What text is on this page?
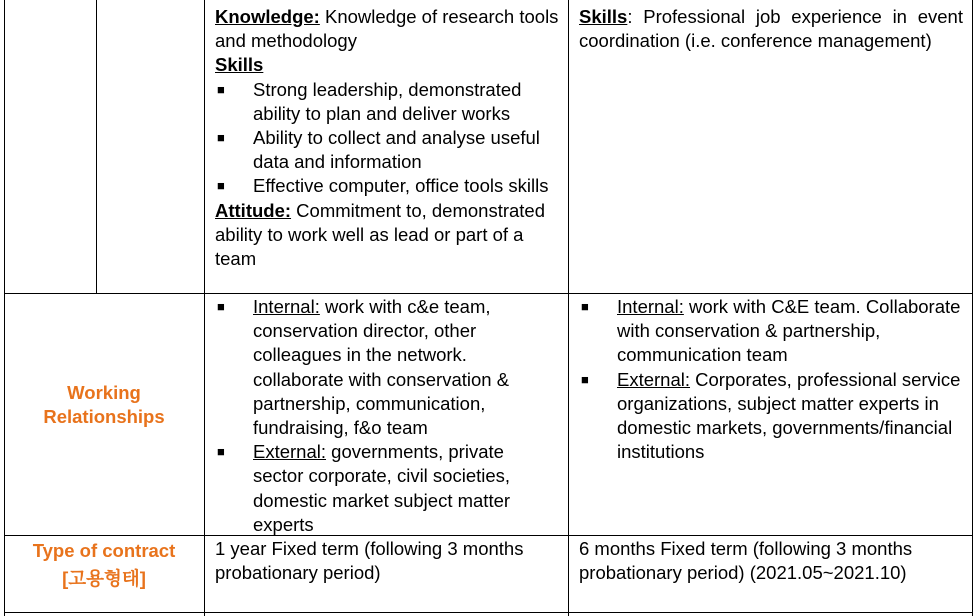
Knowledge: Knowledge of research tools and methodology

Skills

■ Strong leadership, demonstrated ability to plan and deliver works
■ Ability to collect and analyse useful data and information
■ Effective computer, office tools skills

Attitude: Commitment to, demonstrated ability to work well as lead or part of a team

Skills: Professional job experience in event coordination (i.e. conference management)

Working
Relationships
■ Internal: work with c&e team, conservation director, other colleagues in the network. collaborate with conservation & partnership, communication, fundraising, f&o team
■ External: governments, private sector corporate, civil societies, domestic market subject matter experts
■ Internal: work with C&E team. Collaborate with conservation & partnership, communication team
■ External: Corporates, professional service organizations, subject matter experts in domestic markets, governments/financial institutions
Type of contract
[고용형태]

1 year Fixed term (following 3 months probationary period)

6 months Fixed term (following 3 months probationary period) (2021.05~2021.10)
